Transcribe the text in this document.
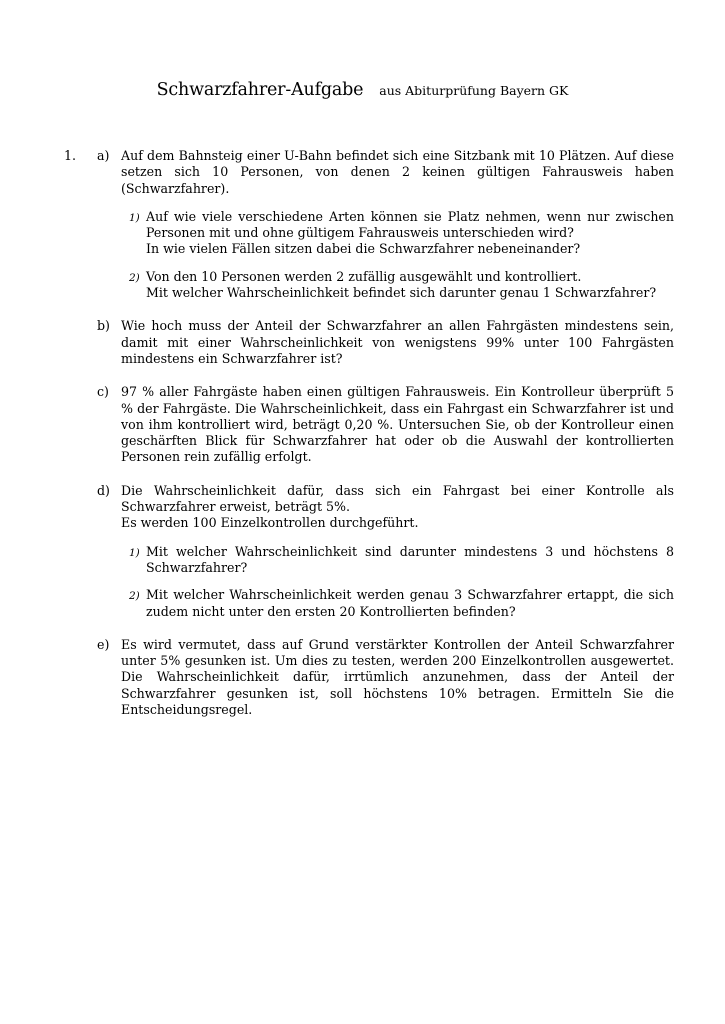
Schwarzfahrer-Aufgabe aus Abiturprüfung Bayern GK
1. a) Auf dem Bahnsteig einer U-Bahn befindet sich eine Sitzbank mit 10 Plätzen. Auf diese setzen sich 10 Personen, von denen 2 keinen gültigen Fahrausweis haben (Schwarzfahrer).
1) Auf wie viele verschiedene Arten können sie Platz nehmen, wenn nur zwischen Personen mit und ohne gültigem Fahrausweis unterschieden wird?
In wie vielen Fällen sitzen dabei die Schwarzfahrer nebeneinander?
2) Von den 10 Personen werden 2 zufällig ausgewählt und kontrolliert.
Mit welcher Wahrscheinlichkeit befindet sich darunter genau 1 Schwarzfahrer?
b) Wie hoch muss der Anteil der Schwarzfahrer an allen Fahrgästen mindestens sein, damit mit einer Wahrscheinlichkeit von wenigstens 99% unter 100 Fahrgästen mindestens ein Schwarzfahrer ist?
c) 97 % aller Fahrgäste haben einen gültigen Fahrausweis. Ein Kontrolleur überprüft 5 % der Fahrgäste. Die Wahrscheinlichkeit, dass ein Fahrgast ein Schwarzfahrer ist und von ihm kontrolliert wird, beträgt 0,20 %. Untersuchen Sie, ob der Kontrolleur einen geschärften Blick für Schwarzfahrer hat oder ob die Auswahl der kontrollierten Personen rein zufällig erfolgt.
d) Die Wahrscheinlichkeit dafür, dass sich ein Fahrgast bei einer Kontrolle als Schwarzfahrer erweist, beträgt 5%.
Es werden 100 Einzelkontrollen durchgeführt.
1) Mit welcher Wahrscheinlichkeit sind darunter mindestens 3 und höchstens 8 Schwarzfahrer?
2) Mit welcher Wahrscheinlichkeit werden genau 3 Schwarzfahrer ertappt, die sich zudem nicht unter den ersten 20 Kontrollierten befinden?
e) Es wird vermutet, dass auf Grund verstärkter Kontrollen der Anteil Schwarzfahrer unter 5% gesunken ist. Um dies zu testen, werden 200 Einzelkontrollen ausgewertet. Die Wahrscheinlichkeit dafür, irrtümlich anzunehmen, dass der Anteil der Schwarzfahrer gesunken ist, soll höchstens 10% betragen. Ermitteln Sie die Entscheidungsregel.
